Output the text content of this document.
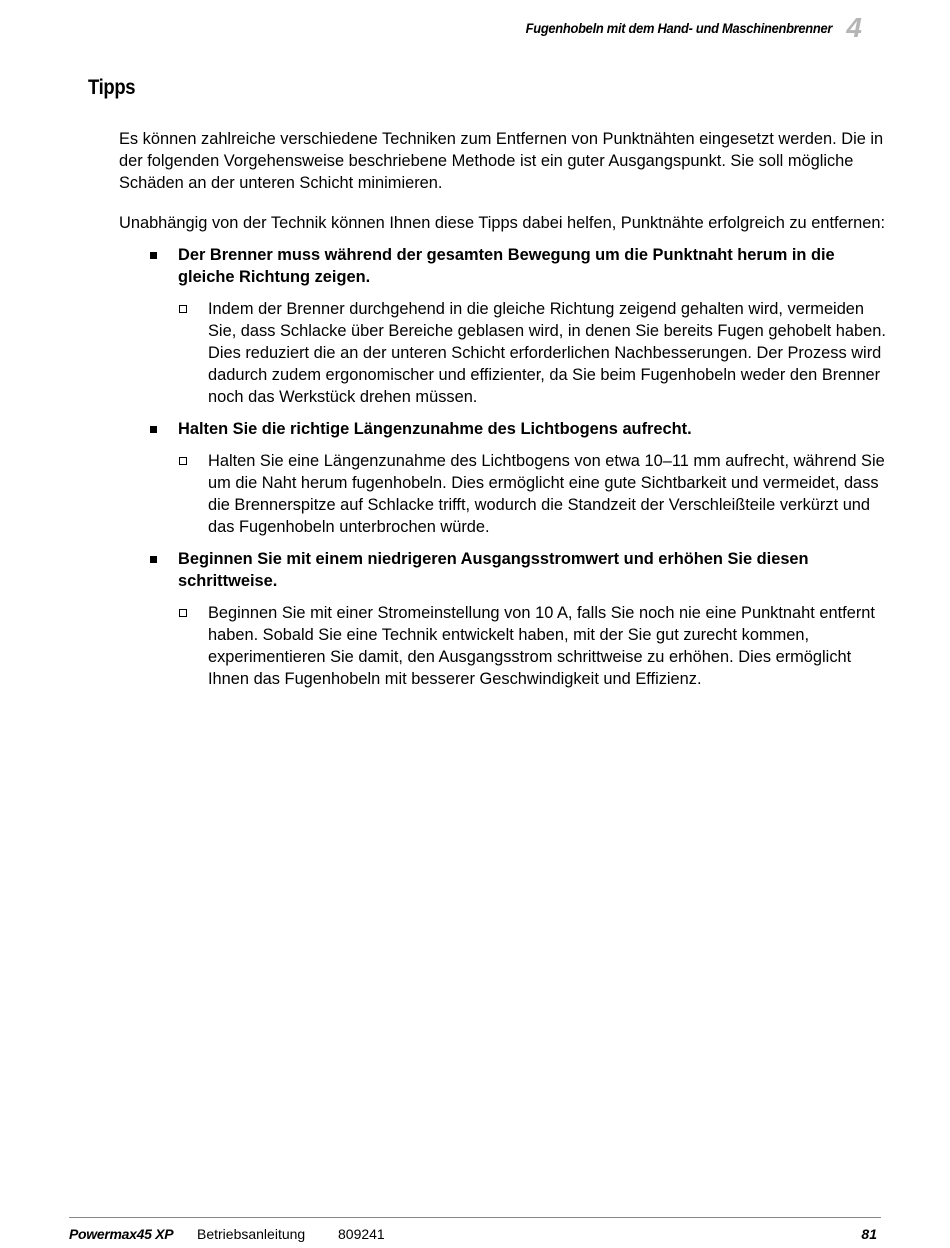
Fugenhobeln mit dem Hand- und Maschinenbrenner 4
Tipps

Es können zahlreiche verschiedene Techniken zum Entfernen von Punktnähten eingesetzt werden. Die in der folgenden Vorgehensweise beschriebene Methode ist ein guter Ausgangspunkt. Sie soll mögliche Schäden an der unteren Schicht minimieren.

Unabhängig von der Technik können Ihnen diese Tipps dabei helfen, Punktnähte erfolgreich zu entfernen:

Der Brenner muss während der gesamten Bewegung um die Punktnaht herum in die gleiche Richtung zeigen.
Indem der Brenner durchgehend in die gleiche Richtung zeigend gehalten wird, vermeiden Sie, dass Schlacke über Bereiche geblasen wird, in denen Sie bereits Fugen gehobelt haben. Dies reduziert die an der unteren Schicht erforderlichen Nachbesserungen. Der Prozess wird dadurch zudem ergonomischer und effizienter, da Sie beim Fugenhobeln weder den Brenner noch das Werkstück drehen müssen.
Halten Sie die richtige Längenzunahme des Lichtbogens aufrecht.
Halten Sie eine Längenzunahme des Lichtbogens von etwa 10–11 mm aufrecht, während Sie um die Naht herum fugenhobeln. Dies ermöglicht eine gute Sichtbarkeit und vermeidet, dass die Brennerspitze auf Schlacke trifft, wodurch die Standzeit der Verschleißteile verkürzt und das Fugenhobeln unterbrochen würde.
Beginnen Sie mit einem niedrigeren Ausgangsstromwert und erhöhen Sie diesen schrittweise.
Beginnen Sie mit einer Stromeinstellung von 10 A, falls Sie noch nie eine Punktnaht entfernt haben. Sobald Sie eine Technik entwickelt haben, mit der Sie gut zurecht kommen, experimentieren Sie damit, den Ausgangsstrom schrittweise zu erhöhen. Dies ermöglicht Ihnen das Fugenhobeln mit besserer Geschwindigkeit und Effizienz.
Powermax45 XP Betriebsanleitung 809241	81
